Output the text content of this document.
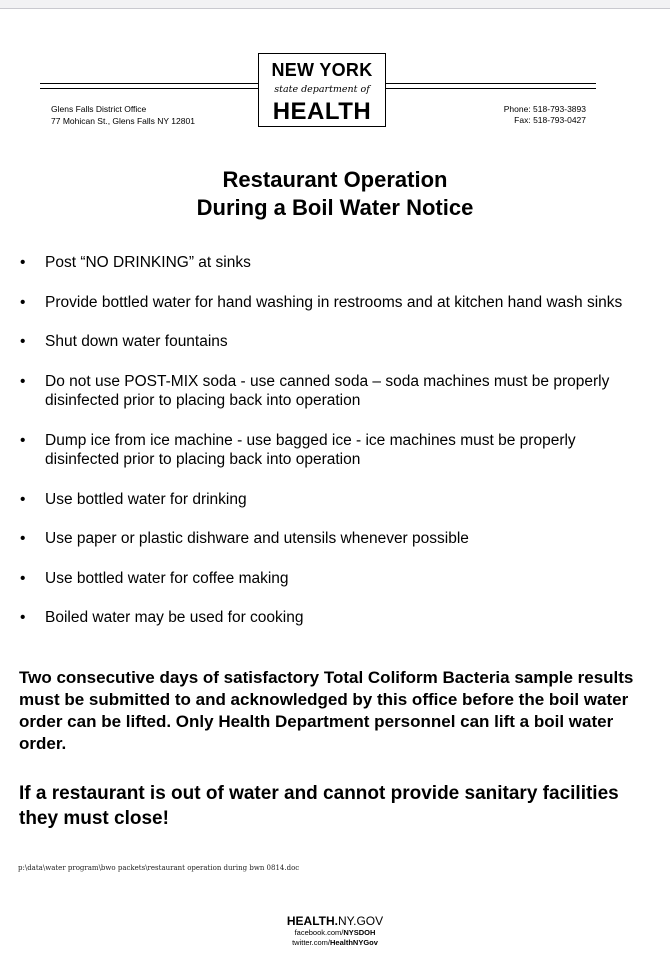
NEW YORK
state department of
HEALTH
Glens Falls District Office
77 Mohican St., Glens Falls NY 12801
Phone: 518-793-3893
Fax: 518-793-0427
Restaurant Operation
During a Boil Water Notice
• Post “NO DRINKING” at sinks
• Provide bottled water for hand washing in restrooms and at kitchen hand wash sinks
• Shut down water fountains
• Do not use POST-MIX soda - use canned soda – soda machines must be properly disinfected prior to placing back into operation
• Dump ice from ice machine - use bagged ice - ice machines must be properly disinfected prior to placing back into operation
• Use bottled water for drinking
• Use paper or plastic dishware and utensils whenever possible
• Use bottled water for coffee making
• Boiled water may be used for cooking
Two consecutive days of satisfactory Total Coliform Bacteria sample results must be submitted to and acknowledged by this office before the boil water order can be lifted. Only Health Department personnel can lift a boil water order.
If a restaurant is out of water and cannot provide sanitary facilities they must close!
p:\data\water program\bwo packets\restaurant operation during bwn 0814.doc
HEALTH.NY.GOV
facebook.com/NYSDOH
twitter.com/HealthNYGov
